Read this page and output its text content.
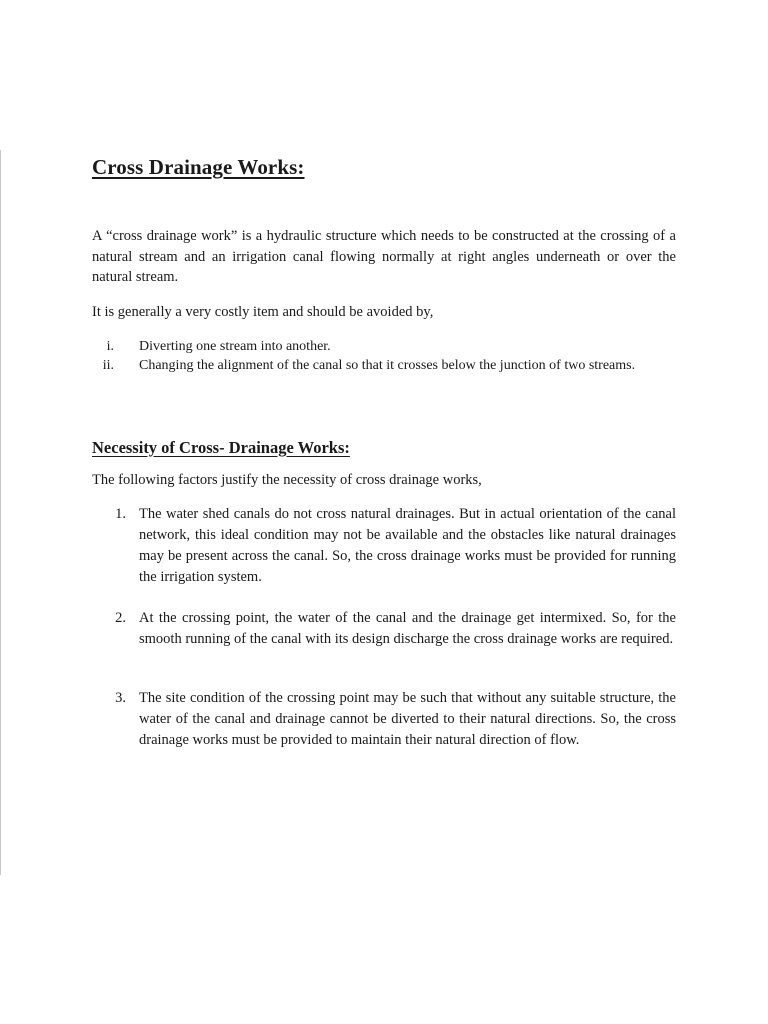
Cross Drainage Works:

A “cross drainage work” is a hydraulic structure which needs to be constructed at the crossing of a natural stream and an irrigation canal flowing normally at right angles underneath or over the natural stream.

It is generally a very costly item and should be avoided by,

i.	Diverting one stream into another.
ii.	Changing the alignment of the canal so that it crosses below the junction of two streams.
Necessity of Cross- Drainage Works:

The following factors justify the necessity of cross drainage works,

1. The water shed canals do not cross natural drainages. But in actual orientation of the canal network, this ideal condition may not be available and the obstacles like natural drainages may be present across the canal. So, the cross drainage works must be provided for running the irrigation system.
2. At the crossing point, the water of the canal and the drainage get intermixed. So, for the smooth running of the canal with its design discharge the cross drainage works are required.
3. The site condition of the crossing point may be such that without any suitable structure, the water of the canal and drainage cannot be diverted to their natural directions. So, the cross drainage works must be provided to maintain their natural direction of flow.
